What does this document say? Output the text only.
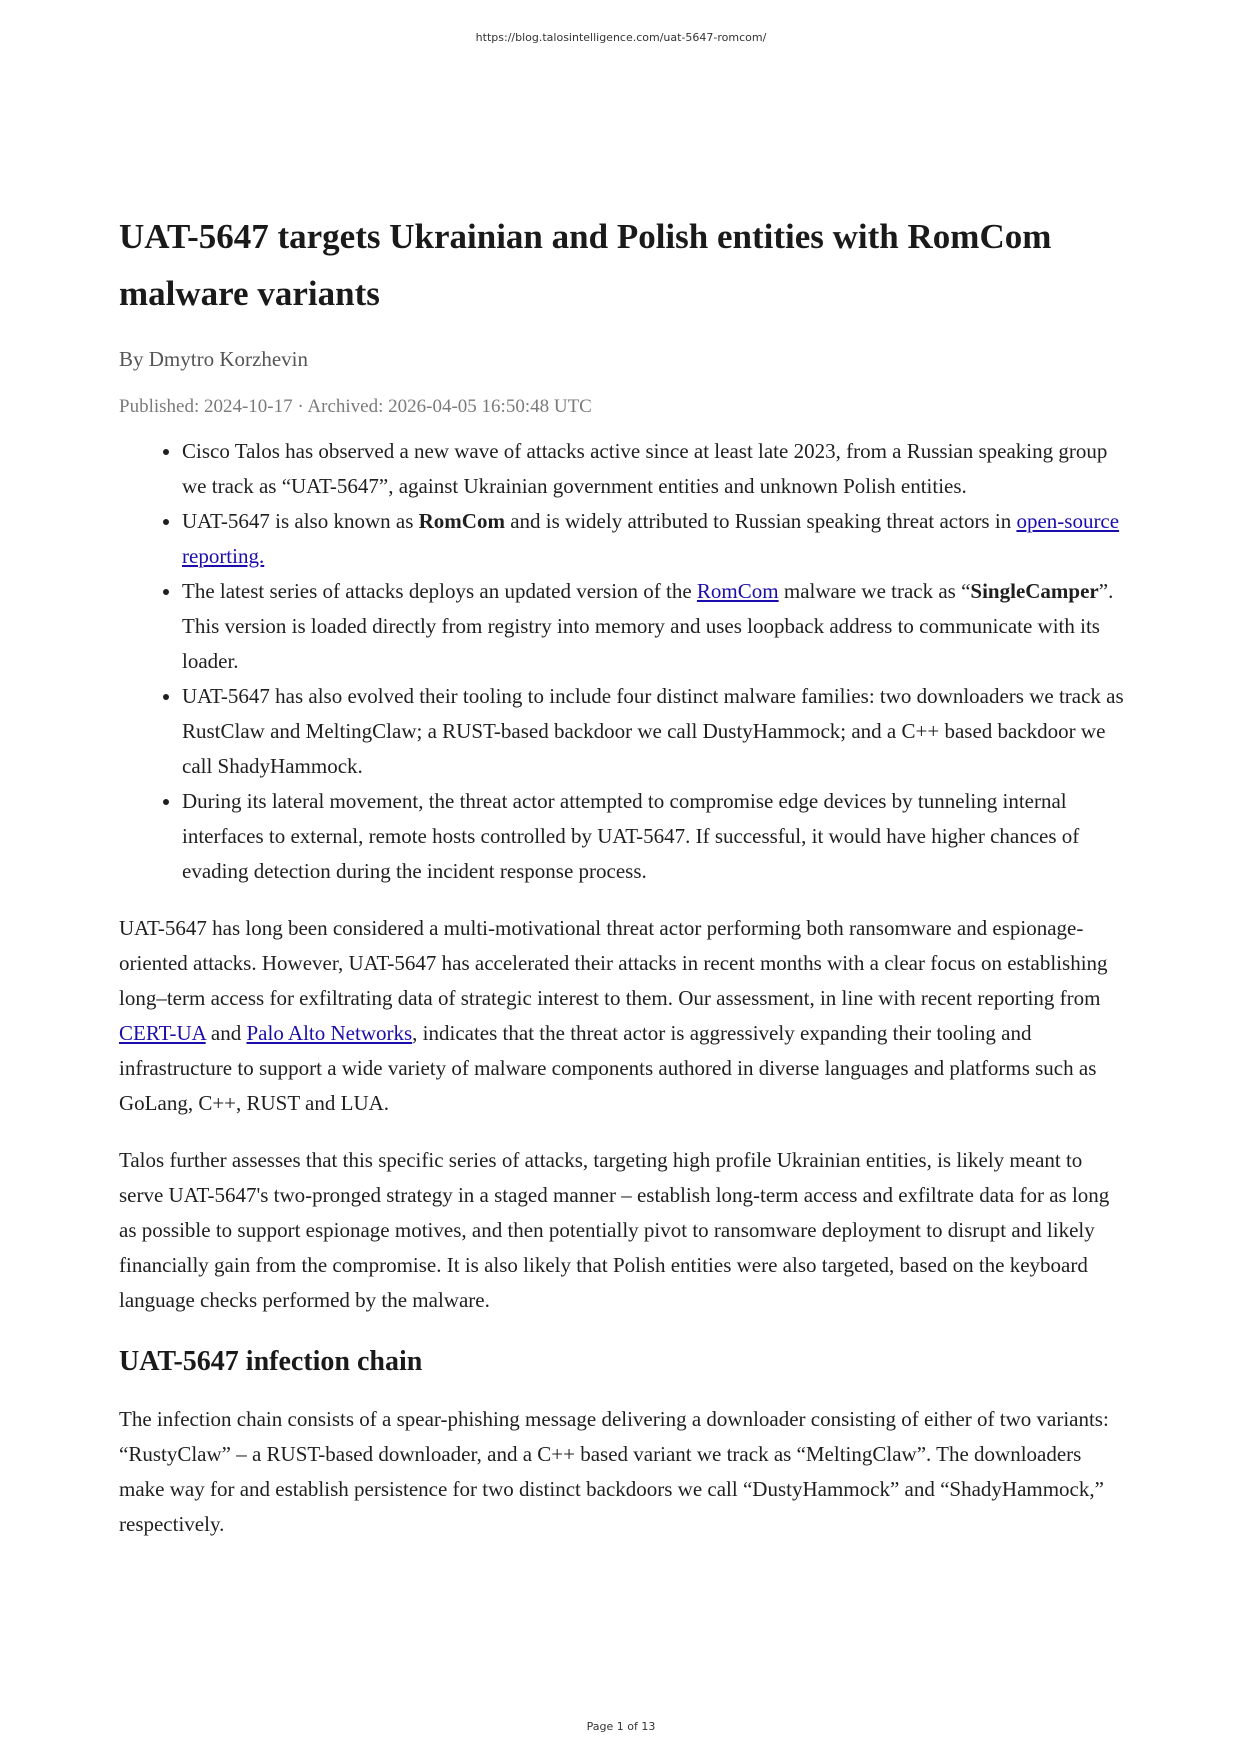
https://blog.talosintelligence.com/uat-5647-romcom/
UAT-5647 targets Ukrainian and Polish entities with RomCom malware variants
By Dmytro Korzhevin
Published: 2024-10-17 · Archived: 2026-04-05 16:50:48 UTC
• Cisco Talos has observed a new wave of attacks active since at least late 2023, from a Russian speaking group we track as “UAT-5647”, against Ukrainian government entities and unknown Polish entities.
• UAT-5647 is also known as RomCom and is widely attributed to Russian speaking threat actors in open-source reporting.
• The latest series of attacks deploys an updated version of the RomCom malware we track as “SingleCamper”. This version is loaded directly from registry into memory and uses loopback address to communicate with its loader.
• UAT-5647 has also evolved their tooling to include four distinct malware families: two downloaders we track as RustClaw and MeltingClaw; a RUST-based backdoor we call DustyHammock; and a C++ based backdoor we call ShadyHammock.
• During its lateral movement, the threat actor attempted to compromise edge devices by tunneling internal interfaces to external, remote hosts controlled by UAT-5647. If successful, it would have higher chances of evading detection during the incident response process.

UAT-5647 has long been considered a multi-motivational threat actor performing both ransomware and espionage-oriented attacks. However, UAT-5647 has accelerated their attacks in recent months with a clear focus on establishing long–term access for exfiltrating data of strategic interest to them. Our assessment, in line with recent reporting from CERT-UA and Palo Alto Networks, indicates that the threat actor is aggressively expanding their tooling and infrastructure to support a wide variety of malware components authored in diverse languages and platforms such as GoLang, C++, RUST and LUA.

Talos further assesses that this specific series of attacks, targeting high profile Ukrainian entities, is likely meant to serve UAT-5647's two-pronged strategy in a staged manner – establish long-term access and exfiltrate data for as long as possible to support espionage motives, and then potentially pivot to ransomware deployment to disrupt and likely financially gain from the compromise. It is also likely that Polish entities were also targeted, based on the keyboard language checks performed by the malware.

UAT-5647 infection chain

The infection chain consists of a spear-phishing message delivering a downloader consisting of either of two variants: “RustyClaw” – a RUST-based downloader, and a C++ based variant we track as “MeltingClaw”. The downloaders make way for and establish persistence for two distinct backdoors we call “DustyHammock” and “ShadyHammock,” respectively.

Page 1 of 13
